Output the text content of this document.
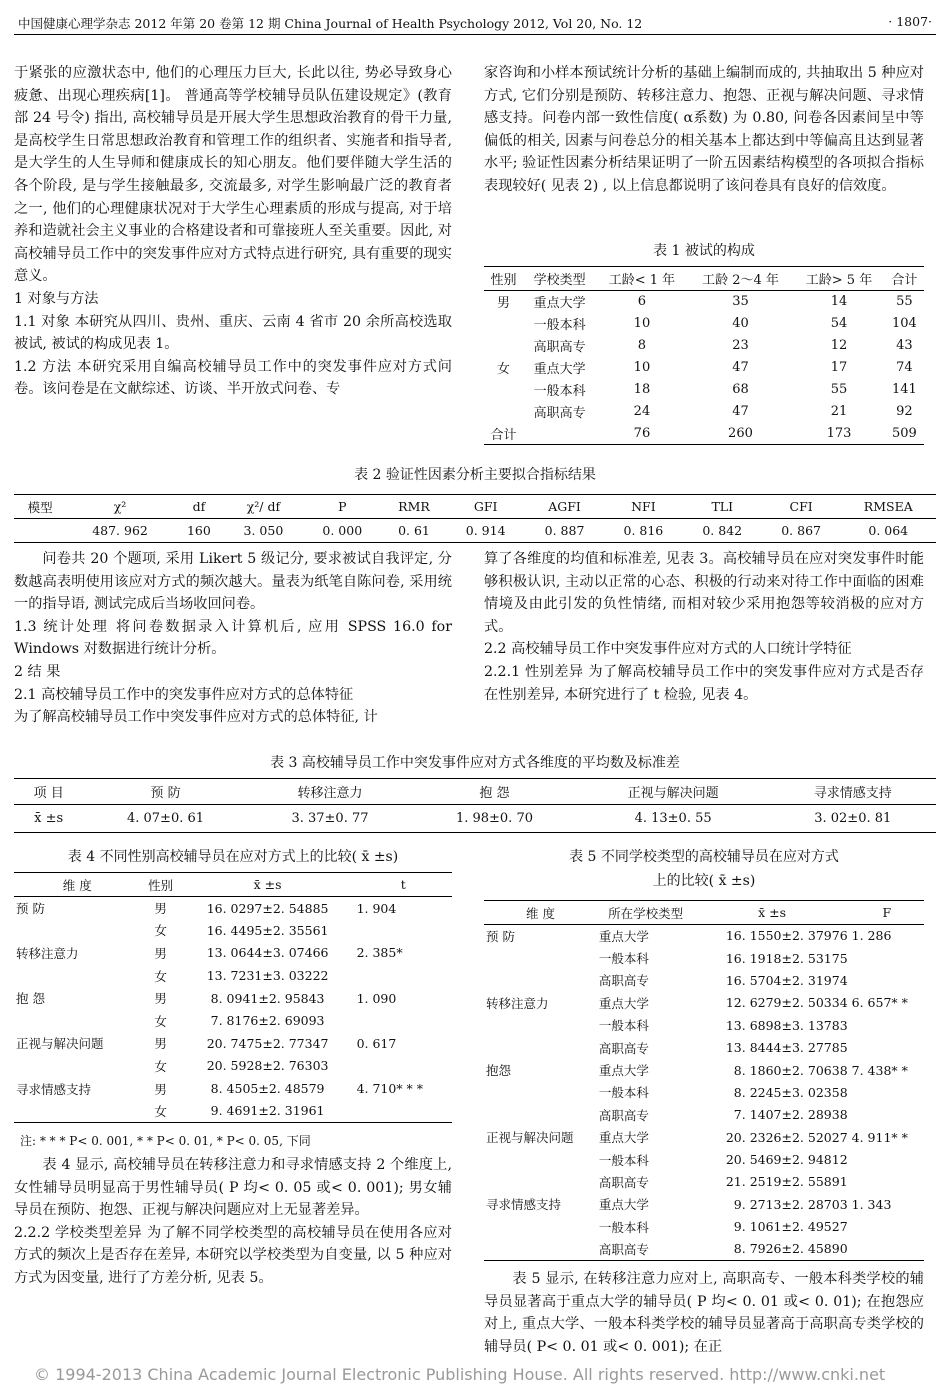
中国健康心理学杂志 2012 年第 20 卷第 12 期 China Journal of Health Psychology 2012, Vol 20, No. 12	· 1807·

于紧张的应激状态中, 他们的心理压力巨大, 长此以往, 势必导致身心疲惫、出现心理疾病[1]。 普通高等学校辅导员队伍建设规定》(教育部 24 号令) 指出, 高校辅导员是开展大学生思想政治教育的骨干力量, 是高校学生日常思想政治教育和管理工作的组织者、实施者和指导者, 是大学生的人生导师和健康成长的知心朋友。他们要伴随大学生活的各个阶段, 是与学生接触最多, 交流最多, 对学生影响最广泛的教育者之一, 他们的心理健康状况对于大学生心理素质的形成与提高, 对于培养和造就社会主义事业的合格建设者和可靠接班人至关重要。因此, 对高校辅导员工作中的突发事件应对方式特点进行研究, 具有重要的现实意义。

1 对象与方法

1.1 对象 本研究从四川、贵州、重庆、云南 4 省市 20 余所高校选取被试, 被试的构成见表 1。

1.2 方法 本研究采用自编高校辅导员工作中的突发事件应对方式问卷。该问卷是在文献综述、访谈、半开放式问卷、专

家咨询和小样本预试统计分析的基础上编制而成的, 共抽取出 5 种应对方式, 它们分别是预防、转移注意力、抱怨、正视与解决问题、寻求情感支持。问卷内部一致性信度( α系数) 为 0.80, 问卷各因素间呈中等偏低的相关, 因素与问卷总分的相关基本上都达到中等偏高且达到显著水平; 验证性因素分析结果证明了一阶五因素结构模型的各项拟合指标表现较好( 见表 2) , 以上信息都说明了该问卷具有良好的信效度。

表 1 被试的构成
性别	学校类型	工龄< 1 年	工龄 2～4 年	工龄> 5 年	合计
男	重点大学	6	35	14	55
	一般本科	10	40	54	104
	高职高专	8	23	12	43
女	重点大学	10	47	17	74
	一般本科	18	68	55	141
	高职高专	24	47	21	92
合计		76	260	173	509
表 2 验证性因素分析主要拟合指标结果
模型	χ²	df	χ²/ df	P	RMR	GFI	AGFI	NFI	TLI	CFI	RMSEA
	487. 962	160	3. 050	0. 000	0. 61	0. 914	0. 887	0. 816	0. 842	0. 867	0. 064

问卷共 20 个题项, 采用 Likert 5 级记分, 要求被试自我评定, 分数越高表明使用该应对方式的频次越大。量表为纸笔自陈问卷, 采用统一的指导语, 测试完成后当场收回问卷。

1.3 统计处理 将问卷数据录入计算机后, 应用 SPSS 16.0 for Windows 对数据进行统计分析。

2 结 果

2.1 高校辅导员工作中的突发事件应对方式的总体特征

为了解高校辅导员工作中突发事件应对方式的总体特征, 计

算了各维度的均值和标准差, 见表 3。高校辅导员在应对突发事件时能够积极认识, 主动以正常的心态、积极的行动来对待工作中面临的困难情境及由此引发的负性情绪, 而相对较少采用抱怨等较消极的应对方式。

2.2 高校辅导员工作中突发事件应对方式的人口统计学特征

2.2.1 性别差异 为了解高校辅导员工作中的突发事件应对方式是否存在性别差异, 本研究进行了 t 检验, 见表 4。

表 3 高校辅导员工作中突发事件应对方式各维度的平均数及标准差
项 目	预 防	转移注意力	抱 怨	正视与解决问题	寻求情感支持
x̄ ±s	4. 07±0. 61	3. 37±0. 77	1. 98±0. 70	4. 13±0. 55	3. 02±0. 81
表 4 不同性别高校辅导员在应对方式上的比较( x̄ ±s)
维 度	性别	x̄ ±s	t
预 防	男	16. 0297±2. 54885	1. 904
	女	16. 4495±2. 35561	
转移注意力	男	13. 0644±3. 07466	2. 385*
	女	13. 7231±3. 03222	
抱 怨	男	8. 0941±2. 95843	1. 090
	女	7. 8176±2. 69093	
正视与解决问题	男	20. 7475±2. 77347	0. 617
	女	20. 5928±2. 76303	
寻求情感支持	男	8. 4505±2. 48579	4. 710* * *
	女	9. 4691±2. 31961	
注: * * * P< 0. 001, * * P< 0. 01, * P< 0. 05, 下同

表 4 显示, 高校辅导员在转移注意力和寻求情感支持 2 个维度上, 女性辅导员明显高于男性辅导员( P 均< 0. 05 或< 0. 001); 男女辅导员在预防、抱怨、正视与解决问题应对上无显著差异。

2.2.2 学校类型差异 为了解不同学校类型的高校辅导员在使用各应对方式的频次上是否存在差异, 本研究以学校类型为自变量, 以 5 种应对方式为因变量, 进行了方差分析, 见表 5。

表 5 不同学校类型的高校辅导员在应对方式
上的比较( x̄ ±s)
维 度	所在学校类型	x̄ ±s	F
预 防	重点大学	16. 1550±2. 37976	1. 286
	一般本科	16. 1918±2. 53175	
	高职高专	16. 5704±2. 31974	
转移注意力	重点大学	12. 6279±2. 50334	6. 657* *
	一般本科	13. 6898±3. 13783	
	高职高专	13. 8444±3. 27785	
抱怨	重点大学	8. 1860±2. 70638	7. 438* *
	一般本科	8. 2245±3. 02358	
	高职高专	7. 1407±2. 28938	
正视与解决问题	重点大学	20. 2326±2. 52027	4. 911* *
	一般本科	20. 5469±2. 94812	
	高职高专	21. 2519±2. 55891	
寻求情感支持	重点大学	9. 2713±2. 28703	1. 343
	一般本科	9. 1061±2. 49527	
	高职高专	8. 7926±2. 45890	

表 5 显示, 在转移注意力应对上, 高职高专、一般本科类学校的辅导员显著高于重点大学的辅导员( P 均< 0. 01 或< 0. 01); 在抱怨应对上, 重点大学、一般本科类学校的辅导员显著高于高职高专类学校的辅导员( P< 0. 01 或< 0. 001); 在正

© 1994-2013 China Academic Journal Electronic Publishing House. All rights reserved. http://www.cnki.net
